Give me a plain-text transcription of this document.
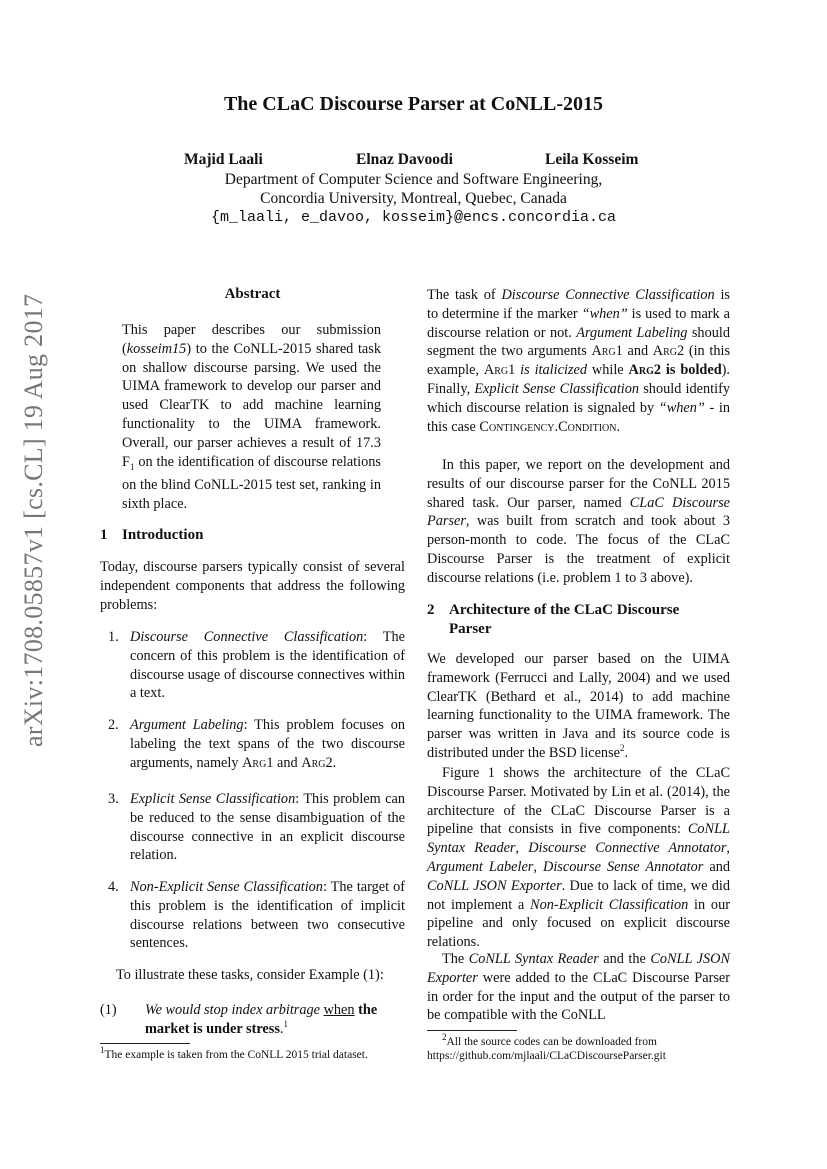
arXiv:1708.05857v1 [cs.CL] 19 Aug 2017
The CLaC Discourse Parser at CoNLL-2015
Majid Laali	Elnaz Davoodi	Leila Kosseim
Department of Computer Science and Software Engineering,
Concordia University, Montreal, Quebec, Canada
{m_laali, e_davoo, kosseim}@encs.concordia.ca
Abstract

This paper describes our submission (kosseim15) to the CoNLL-2015 shared task on shallow discourse parsing. We used the UIMA framework to develop our parser and used ClearTK to add machine learning functionality to the UIMA framework. Overall, our parser achieves a result of 17.3 $F_1$ on the identification of discourse relations on the blind CoNLL-2015 test set, ranking in sixth place.

1 Introduction

Today, discourse parsers typically consist of several independent components that address the following problems:

1. Discourse Connective Classification: The concern of this problem is the identification of discourse usage of discourse connectives within a text.
2. Argument Labeling: This problem focuses on labeling the text spans of the two discourse arguments, namely Arg1 and Arg2.
3. Explicit Sense Classification: This problem can be reduced to the sense disambiguation of the discourse connective in an explicit discourse relation.
4. Non-Explicit Sense Classification: The target of this problem is the identification of implicit discourse relations between two consecutive sentences.
To illustrate these tasks, consider Example (1):
(1) We would stop index arbitrage when the market is under stress.$^1$
$^1$The example is taken from the CoNLL 2015 trial dataset.

The task of Discourse Connective Classification is to determine if the marker “when” is used to mark a discourse relation or not. Argument Labeling should segment the two arguments Arg1 and Arg2 (in this example, Arg1 is italicized while Arg2 is bolded). Finally, Explicit Sense Classification should identify which discourse relation is signaled by “when” - in this case Contingency.Condition.

In this paper, we report on the development and results of our discourse parser for the CoNLL 2015 shared task. Our parser, named CLaC Discourse Parser, was built from scratch and took about 3 person-month to code. The focus of the CLaC Discourse Parser is the treatment of explicit discourse relations (i.e. problem 1 to 3 above).

2 Architecture of the CLaC Discourse
Parser

We developed our parser based on the UIMA framework (Ferrucci and Lally, 2004) and we used ClearTK (Bethard et al., 2014) to add machine learning functionality to the UIMA framework. The parser was written in Java and its source code is distributed under the BSD license$^2$.

Figure 1 shows the architecture of the CLaC Discourse Parser. Motivated by Lin et al. (2014), the architecture of the CLaC Discourse Parser is a pipeline that consists in five components: CoNLL Syntax Reader, Discourse Connective Annotator, Argument Labeler, Discourse Sense Annotator and CoNLL JSON Exporter. Due to lack of time, we did not implement a Non-Explicit Classification in our pipeline and only focused on explicit discourse relations.

The CoNLL Syntax Reader and the CoNLL JSON Exporter were added to the CLaC Discourse Parser in order for the input and the output of the parser to be compatible with the CoNLL

$^2$All the source codes can be downloaded from
https://github.com/mjlaali/CLaCDiscourseParser.git
